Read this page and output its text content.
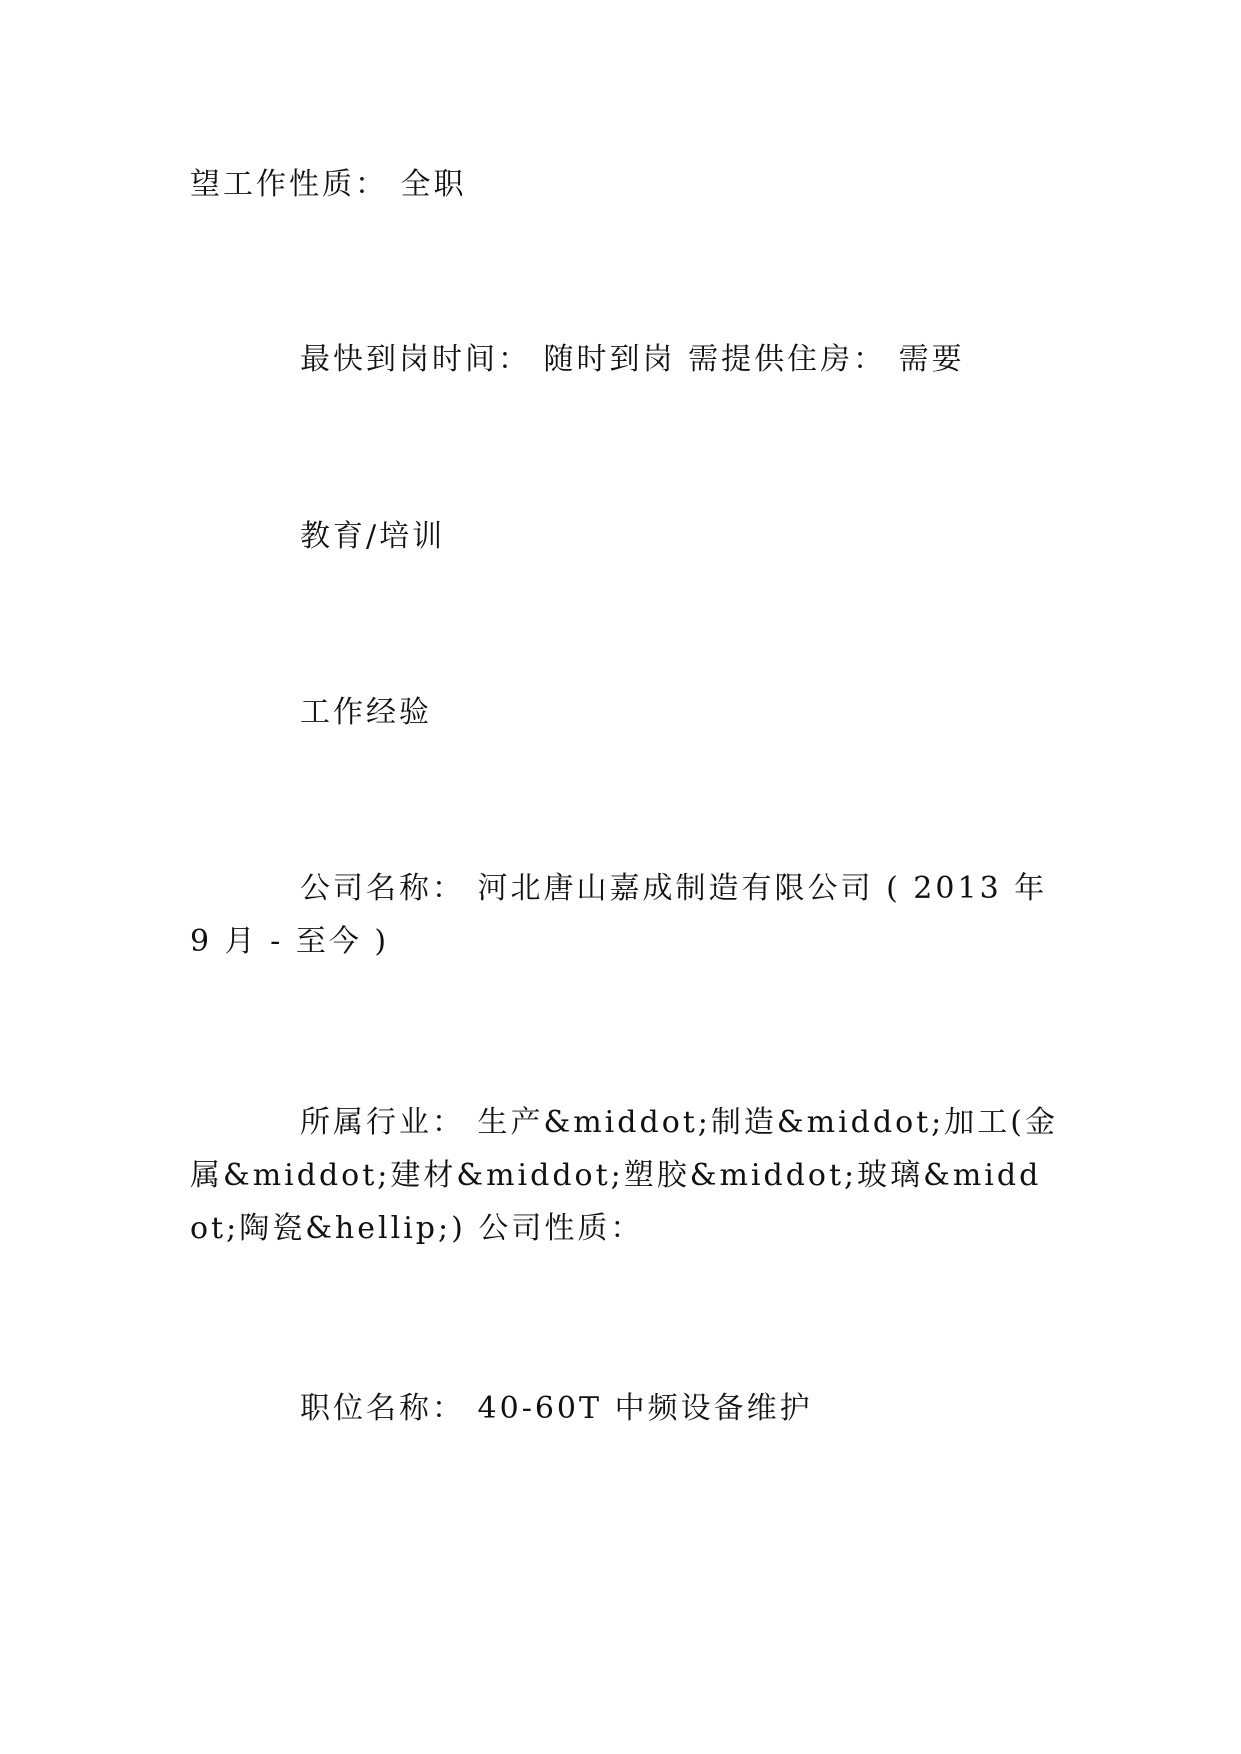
望工作性质： 全职
最快到岗时间： 随时到岗 需提供住房： 需要
教育/培训
工作经验
公司名称： 河北唐山嘉成制造有限公司 ( 2013 年 9 月 - 至今 )
所属行业： 生产&middot;制造&middot;加工(金属&middot;建材&middot;塑胶&middot;玻璃&middot;陶瓷&hellip;) 公司性质：
职位名称： 40-60T 中频设备维护
